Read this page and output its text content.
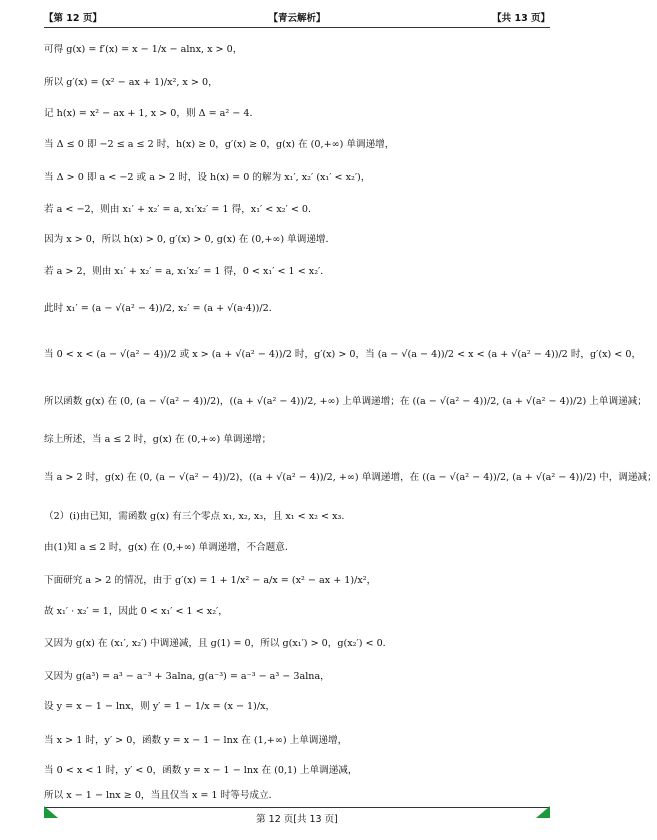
【第 12 页】	【青云解析】	【共 13 页】
可得 g(x) = f′(x) = x − 1/x − alnx, x > 0，
所以 g′(x) = (x² − ax + 1)/x², x > 0，
记 h(x) = x² − ax + 1, x > 0，则 Δ = a² − 4．
当 Δ ≤ 0 即 −2 ≤ a ≤ 2 时，h(x) ≥ 0，g′(x) ≥ 0，g(x) 在 (0,+∞) 单调递增，
当 Δ > 0 即 a < −2 或 a > 2 时，设 h(x) = 0 的解为 x₁′, x₂′ (x₁′ < x₂′)，
若 a < −2，则由 x₁′ + x₂′ = a, x₁′x₂′ = 1 得，x₁′ < x₂′ < 0．
因为 x > 0，所以 h(x) > 0, g′(x) > 0, g(x) 在 (0,+∞) 单调递增．
若 a > 2，则由 x₁′ + x₂′ = a, x₁′x₂′ = 1 得，0 < x₁′ < 1 < x₂′．
此时 x₁′ = (a − √(a² − 4))/2, x₂′ = (a + √(a·4))/2．
当 0 < x < (a − √(a² − 4))/2 或 x > (a + √(a² − 4))/2 时，g′(x) > 0，当 (a − √(a − 4))/2 < x < (a + √(a² − 4))/2 时，g′(x) < 0，
所以函数 g(x) 在 (0, (a − √(a² − 4))/2)，((a + √(a² − 4))/2, +∞) 上单调递增；在 ((a − √(a² − 4))/2, (a + √(a² − 4))/2) 上单调递减；
综上所述，当 a ≤ 2 时，g(x) 在 (0,+∞) 单调递增；
当 a > 2 时，g(x) 在 (0, (a − √(a² − 4))/2)，((a + √(a² − 4))/2, +∞) 单调递增，在 ((a − √(a² − 4))/2, (a + √(a² − 4))/2) 中，调递减；
（2）(i)由已知，需函数 g(x) 有三个零点 x₁, x₂, x₃，且 x₁ < x₂ < x₃．
由(1)知 a ≤ 2 时，g(x) 在 (0,+∞) 单调递增，不合题意．
下面研究 a > 2 的情况，由于 g′(x) = 1 + 1/x² − a/x = (x² − ax + 1)/x²，
故 x₁′ · x₂′ = 1，因此 0 < x₁′ < 1 < x₂′，
又因为 g(x) 在 (x₁′, x₂′) 中调递减，且 g(1) = 0，所以 g(x₁′) > 0，g(x₂′) < 0．
又因为 g(a³) = a³ − a⁻³ + 3alna, g(a⁻³) = a⁻³ − a³ − 3alna，
设 y = x − 1 − lnx，则 y′ = 1 − 1/x = (x − 1)/x，
当 x > 1 时，y′ > 0，函数 y = x − 1 − lnx 在 (1,+∞) 上单调递增，
当 0 < x < 1 时，y′ < 0，函数 y = x − 1 − lnx 在 (0,1) 上单调递减，
所以 x − 1 − lnx ≥ 0，当且仅当 x = 1 时等号成立．
第 12 页[共 13 页]
